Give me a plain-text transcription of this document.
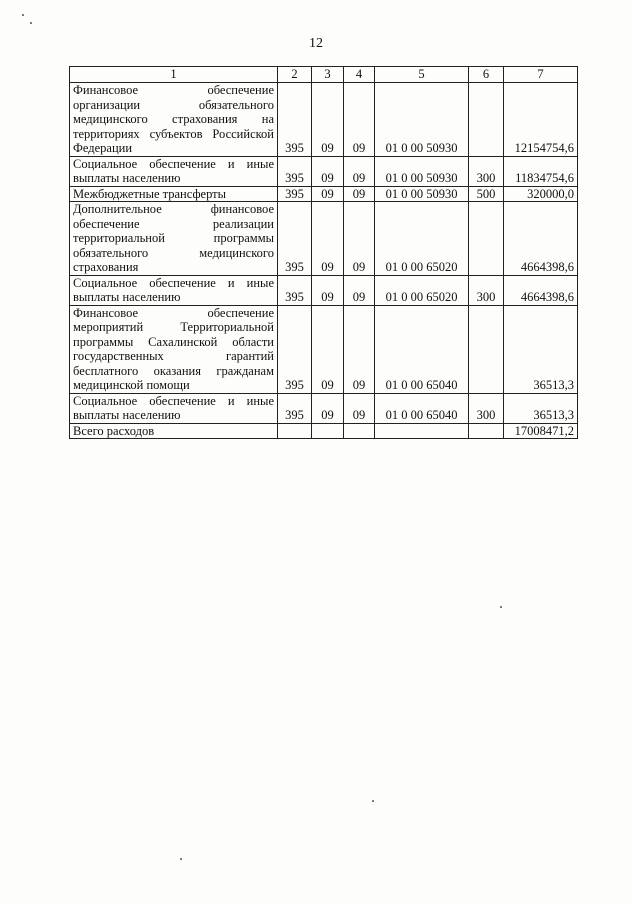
12
1	2	3	4	5	6	7
Финансовое обеспечение организации обязательного медицинского страхования на территориях субъектов Российской Федерации	395	09	09	01 0 00 50930		12154754,6
Социальное обеспечение и иные выплаты населению	395	09	09	01 0 00 50930	300	11834754,6
Межбюджетные трансферты	395	09	09	01 0 00 50930	500	320000,0
Дополнительное финансовое обеспечение реализации территориальной программы обязательного медицинского страхования	395	09	09	01 0 00 65020		4664398,6
Социальное обеспечение и иные выплаты населению	395	09	09	01 0 00 65020	300	4664398,6
Финансовое обеспечение мероприятий Территориальной программы Сахалинской области государственных гарантий бесплатного оказания гражданам медицинской помощи	395	09	09	01 0 00 65040		36513,3
Социальное обеспечение и иные выплаты населению	395	09	09	01 0 00 65040	300	36513,3
Всего расходов						17008471,2
